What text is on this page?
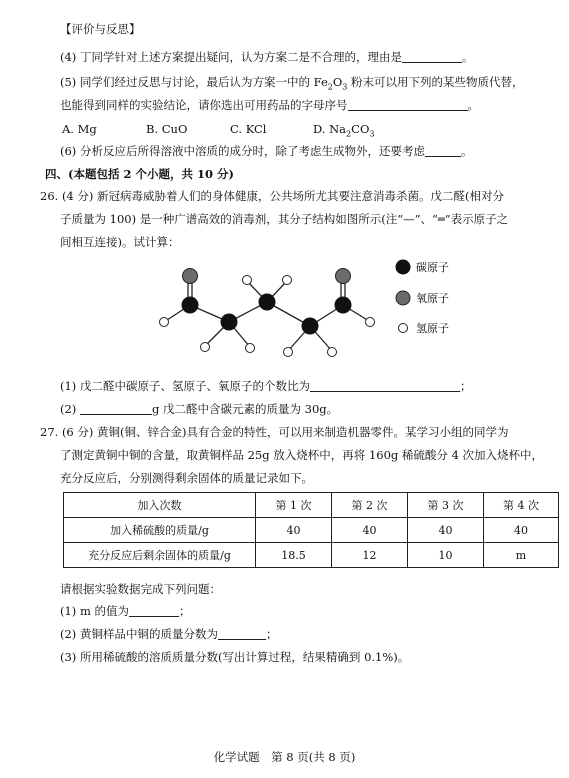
【评价与反思】
(4) 丁同学针对上述方案提出疑问，认为方案二是不合理的，理由是	。
(5) 同学们经过反思与讨论，最后认为方案一中的 $Fe_2O_3$ 粉末可以用下列的某些物质代替，
也能得到同样的实验结论，请你选出可用药品的字母序号	。
A. Mg	B. CuO	C. KCl	D. $Na_2CO_3$
(6) 分析反应后所得溶液中溶质的成分时，除了考虑生成物外，还要考虑	。
四、(本题包括 2 个小题，共 10 分)
26. (4 分) 新冠病毒威胁着人们的身体健康，公共场所尤其要注意消毒杀菌。戊二醛(相对分
子质量为 100) 是一种广谱高效的消毒剂，其分子结构如图所示(注“—”、“═”表示原子之
间相互连接)。试计算：
碳原子
氧原子
氢原子
(1) 戊二醛中碳原子、氢原子、氧原子的个数比为	；
(2)	g 戊二醛中含碳元素的质量为 30g。
27. (6 分) 黄铜(铜、锌合金)具有合金的特性，可以用来制造机器零件。某学习小组的同学为
了测定黄铜中铜的含量，取黄铜样品 25g 放入烧杯中，再将 160g 稀硫酸分 4 次加入烧杯中，
充分反应后，分别测得剩余固体的质量记录如下。
加入次数	第 1 次	第 2 次	第 3 次	第 4 次
加入稀硫酸的质量/g	40	40	40	40
充分反应后剩余固体的质量/g	18.5	12	10	m
请根据实验数据完成下列问题：
(1) m 的值为	；
(2) 黄铜样品中铜的质量分数为	；
(3) 所用稀硫酸的溶质质量分数(写出计算过程，结果精确到 0.1%)。
化学试题　第 8 页(共 8 页)
